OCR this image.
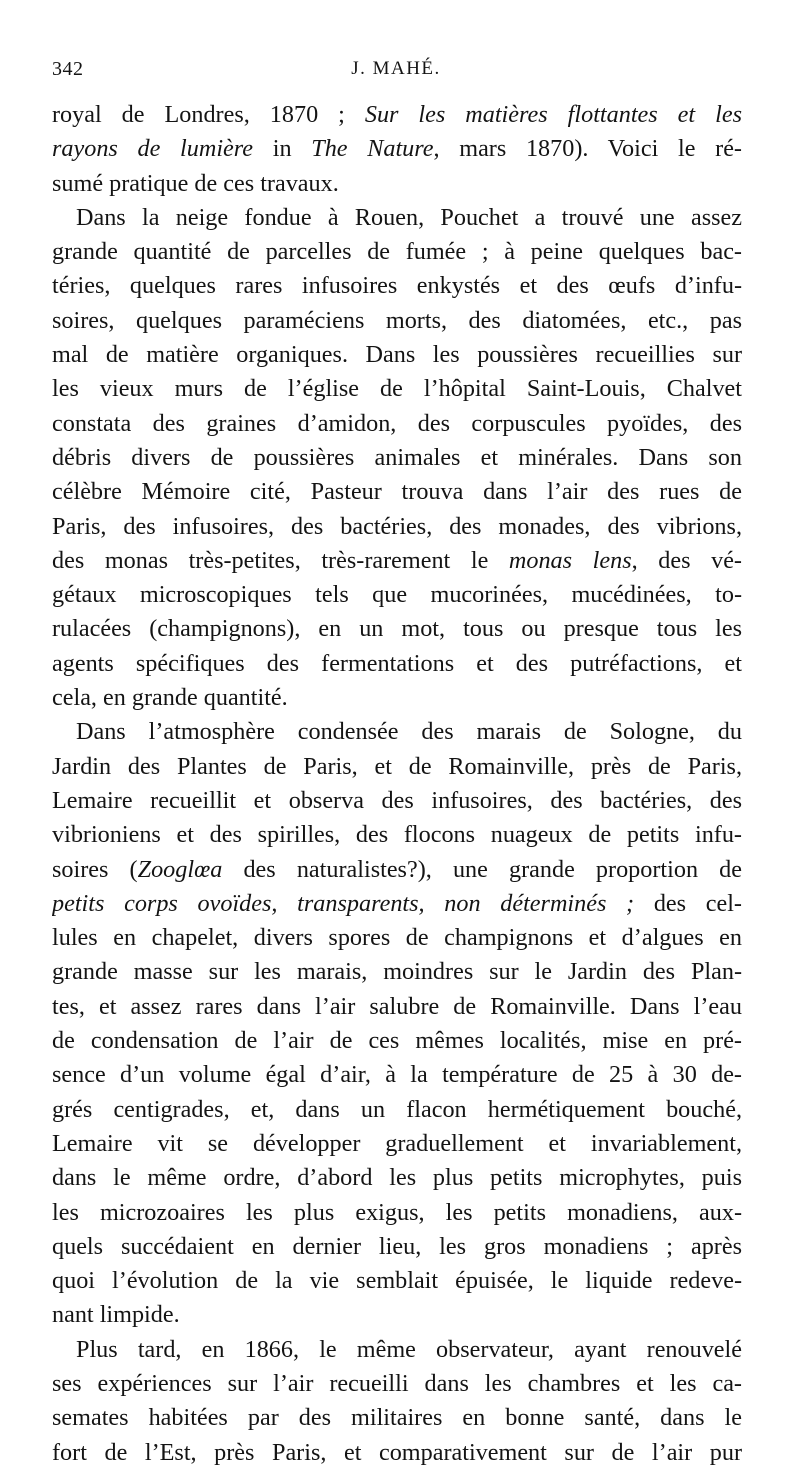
342	J. MAHÉ.

royal de Londres, 1870 ; Sur les matières flottantes et les
rayons de lumière in The Nature, mars 1870). Voici le ré-
sumé pratique de ces travaux.

Dans la neige fondue à Rouen, Pouchet a trouvé une assez
grande quantité de parcelles de fumée ; à peine quelques bac-
téries, quelques rares infusoires enkystés et des œufs d’infu-
soires, quelques paraméciens morts, des diatomées, etc., pas
mal de matière organiques. Dans les poussières recueillies sur
les vieux murs de l’église de l’hôpital Saint-Louis, Chalvet
constata des graines d’amidon, des corpuscules pyoïdes, des
débris divers de poussières animales et minérales. Dans son
célèbre Mémoire cité, Pasteur trouva dans l’air des rues de
Paris, des infusoires, des bactéries, des monades, des vibrions,
des monas très-petites, très-rarement le monas lens, des vé-
gétaux microscopiques tels que mucorinées, mucédinées, to-
rulacées (champignons), en un mot, tous ou presque tous les
agents spécifiques des fermentations et des putréfactions, et
cela, en grande quantité.

Dans l’atmosphère condensée des marais de Sologne, du
Jardin des Plantes de Paris, et de Romainville, près de Paris,
Lemaire recueillit et observa des infusoires, des bactéries, des
vibrioniens et des spirilles, des flocons nuageux de petits infu-
soires (Zooglœa des naturalistes?), une grande proportion de
petits corps ovoïdes, transparents, non déterminés ; des cel-
lules en chapelet, divers spores de champignons et d’algues en
grande masse sur les marais, moindres sur le Jardin des Plan-
tes, et assez rares dans l’air salubre de Romainville. Dans l’eau
de condensation de l’air de ces mêmes localités, mise en pré-
sence d’un volume égal d’air, à la température de 25 à 30 de-
grés centigrades, et, dans un flacon hermétiquement bouché,
Lemaire vit se développer graduellement et invariablement,
dans le même ordre, d’abord les plus petits microphytes, puis
les microzoaires les plus exigus, les petits monadiens, aux-
quels succédaient en dernier lieu, les gros monadiens ; après
quoi l’évolution de la vie semblait épuisée, le liquide redeve-
nant limpide.

Plus tard, en 1866, le même observateur, ayant renouvelé
ses expériences sur l’air recueilli dans les chambres et les ca-
semates habitées par des militaires en bonne santé, dans le
fort de l’Est, près Paris, et comparativement sur de l’air pur
